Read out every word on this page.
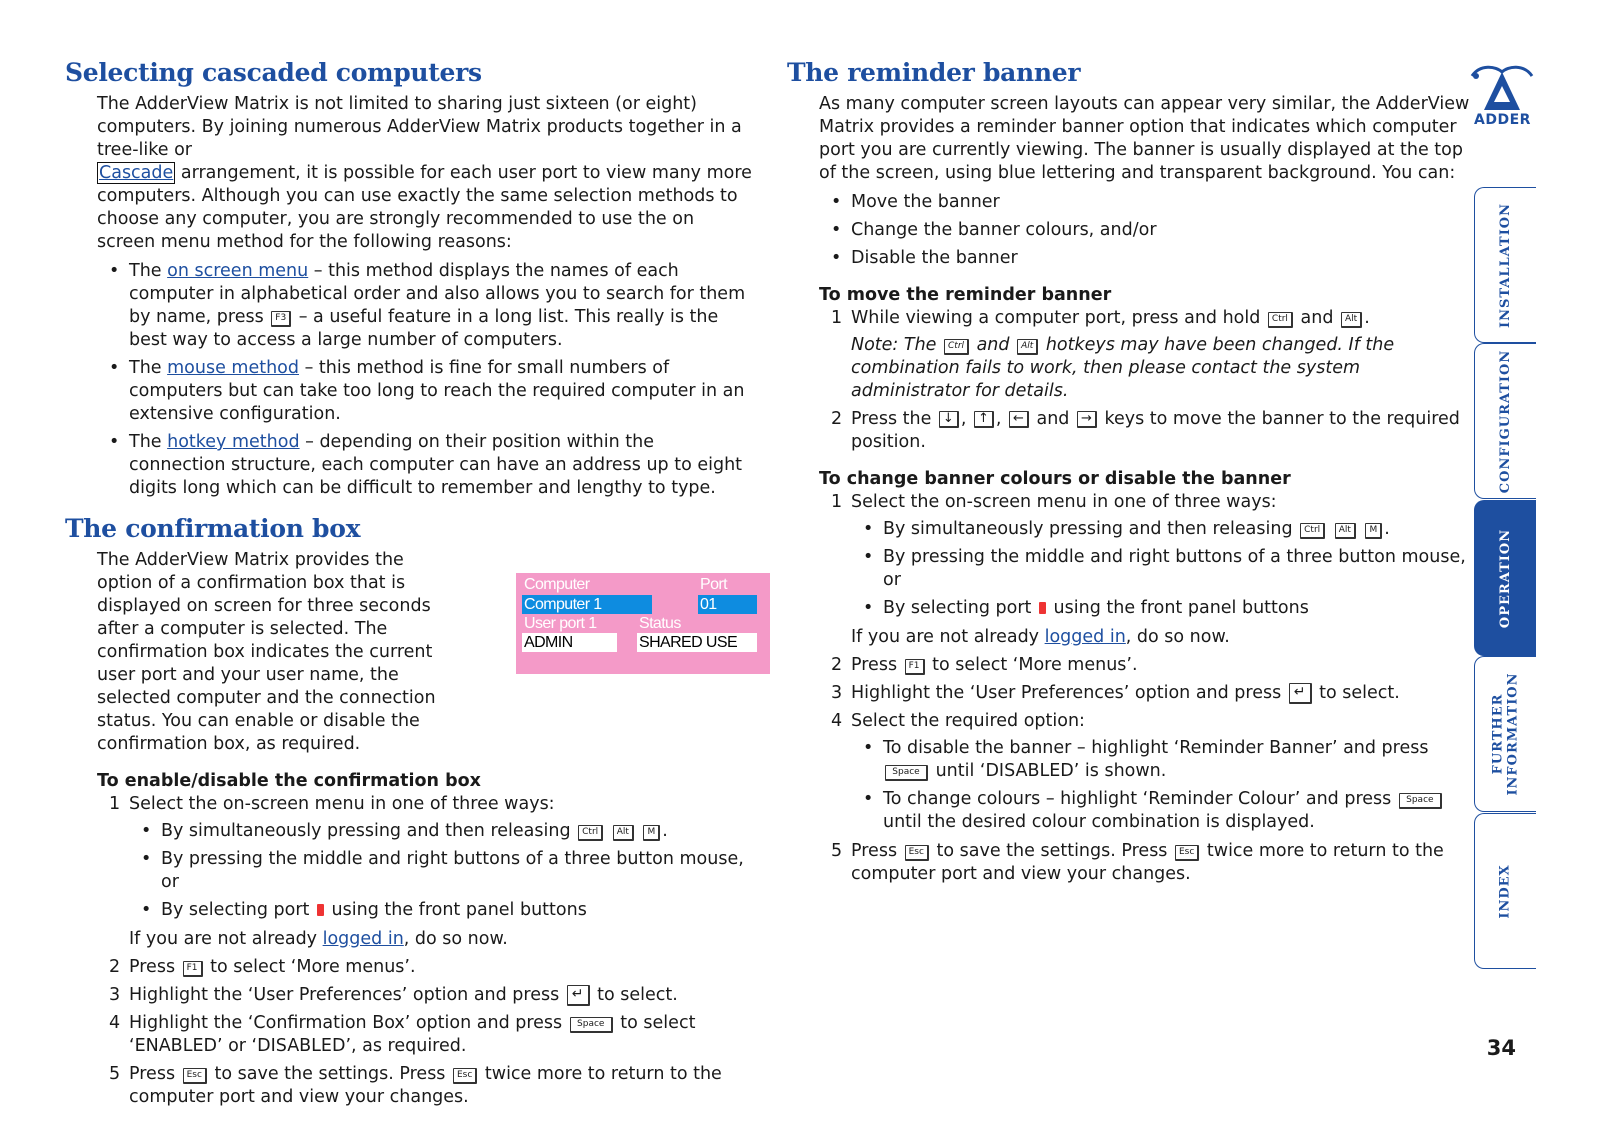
Selecting cascaded computers

The AdderView Matrix is not limited to sharing just sixteen (or eight) computers. By joining numerous AdderView Matrix products together in a tree-like or
Cascade arrangement, it is possible for each user port to view many more computers. Although you can use exactly the same selection methods to choose any computer, you are strongly recommended to use the on screen menu method for the following reasons:

• The on screen menu – this method displays the names of each computer in alphabetical order and also allows you to search for them by name, press F3 – a useful feature in a long list. This really is the best way to access a large number of computers.
• The mouse method – this method is fine for small numbers of computers but can take too long to reach the required computer in an extensive configuration.
• The hotkey method – depending on their position within the connection structure, each computer can have an address up to eight digits long which can be difficult to remember and lengthy to type.
The confirmation box

The AdderView Matrix provides the option of a confirmation box that is displayed on screen for three seconds after a computer is selected. The confirmation box indicates the current user port and your user name, the selected computer and the connection status. You can enable or disable the confirmation box, as required.

Computer	Port
Computer 1	01
User port 1	Status
ADMIN	SHARED USE
To enable/disable the confirmation box
1 Select the on-screen menu in one of three ways:
• By simultaneously pressing and then releasing Ctrl Alt M .
• By pressing the middle and right buttons of a three button mouse, or
• By selecting port  using the front panel buttons
If you are not already logged in, do so now.
2 Press F1 to select ‘More menus’.
3 Highlight the ‘User Preferences’ option and press ↵ to select.
4 Highlight the ‘Confirmation Box’ option and press Space to select ‘ENABLED’ or ‘DISABLED’, as required.
5 Press Esc to save the settings. Press Esc twice more to return to the computer port and view your changes.
The reminder banner

As many computer screen layouts can appear very similar, the AdderView Matrix provides a reminder banner option that indicates which computer port you are currently viewing. The banner is usually displayed at the top of the screen, using blue lettering and transparent background. You can:

• Move the banner
• Change the banner colours, and/or
• Disable the banner
To move the reminder banner
1 While viewing a computer port, press and hold Ctrl and Alt .
Note: The Ctrl and Alt hotkeys may have been changed. If the combination fails to work, then please contact the system administrator for details.
2 Press the ↓ , ↑ , ← and → keys to move the banner to the required position.
To change banner colours or disable the banner
1 Select the on-screen menu in one of three ways:
• By simultaneously pressing and then releasing Ctrl Alt M .
• By pressing the middle and right buttons of a three button mouse, or
• By selecting port  using the front panel buttons
If you are not already logged in, do so now.
2 Press F1 to select ‘More menus’.
3 Highlight the ‘User Preferences’ option and press ↵ to select.
4 Select the required option:
• To disable the banner – highlight ‘Reminder Banner’ and press Space until ‘DISABLED’ is shown.
• To change colours – highlight ‘Reminder Colour’ and press Space until the desired colour combination is displayed.
5 Press Esc to save the settings. Press Esc twice more to return to the computer port and view your changes.
ADDER
INSTALLATION
CONFIGURATION
OPERATION
FURTHER
INFORMATION
INDEX
34
